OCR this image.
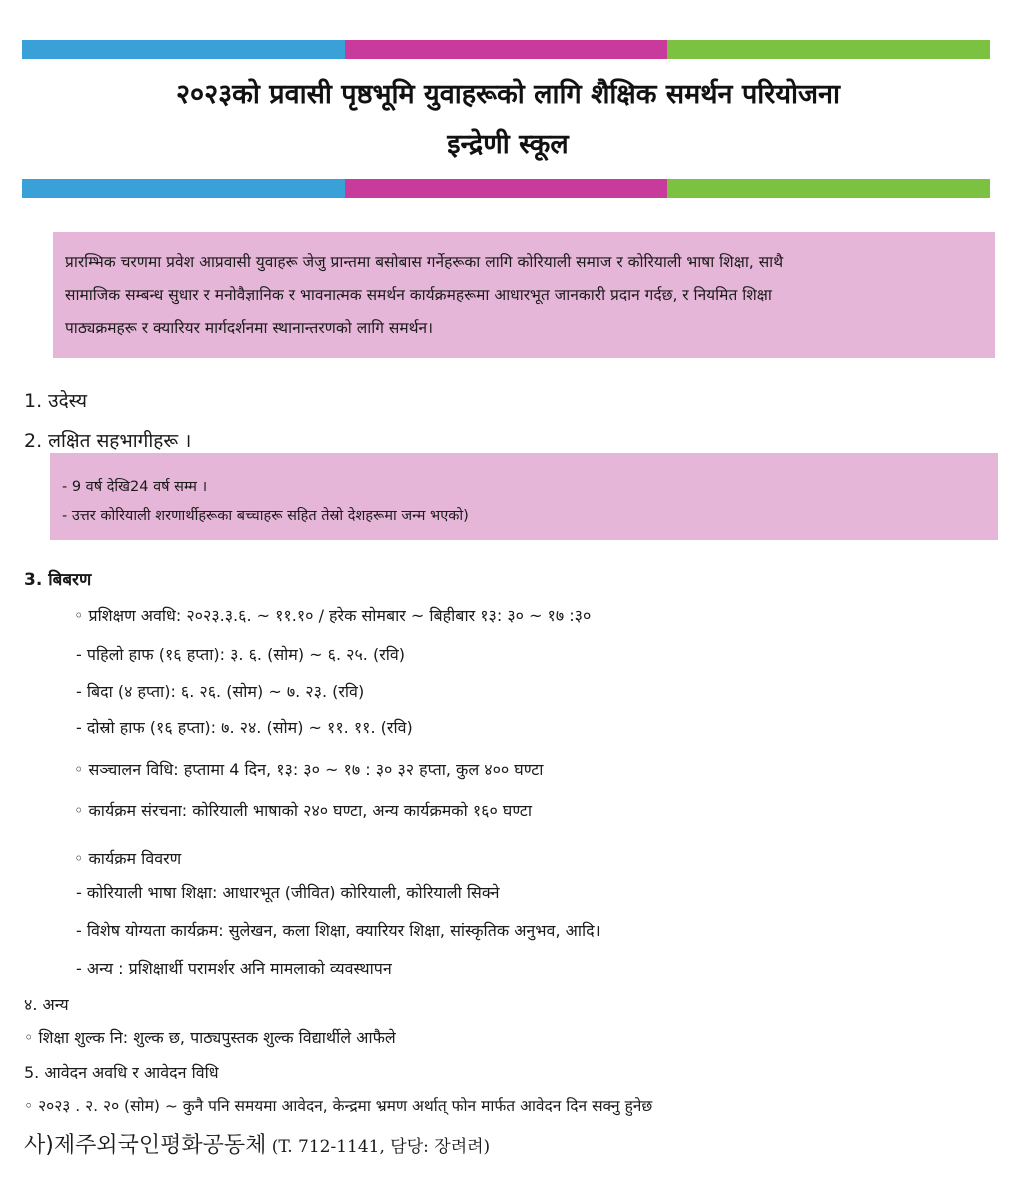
२०२३को प्रवासी पृष्ठभूमि युवाहरूको लागि शैक्षिक समर्थन परियोजना
इन्द्रेणी स्कूल
प्रारम्भिक चरणमा प्रवेश आप्रवासी युवाहरू जेजु प्रान्तमा बसोबास गर्नेहरूका लागि कोरियाली समाज र कोरियाली भाषा शिक्षा, साथै
सामाजिक सम्बन्ध सुधार र मनोवैज्ञानिक र भावनात्मक समर्थन कार्यक्रमहरूमा आधारभूत जानकारी प्रदान गर्दछ, र नियमित शिक्षा
पाठ्यक्रमहरू र क्यारियर मार्गदर्शनमा स्थानान्तरणको लागि समर्थन।
1. उदेस्य
2. लक्षित सहभागीहरू ।
- 9 वर्ष देखि24 वर्ष सम्म ।
- उत्तर कोरियाली शरणार्थीहरूका बच्चाहरू सहित तेस्रो देशहरूमा जन्म भएको)
3. बिबरण
◦ प्रशिक्षण अवधि: २०२३.३.६. ~ ११.१० / हरेक सोमबार ~ बिहीबार १३: ३० ~ १७ :३०
- पहिलो हाफ (१६ हप्ता): ३. ६. (सोम) ~ ६. २५. (रवि)
- बिदा (४ हप्ता): ६. २६. (सोम) ~ ७. २३. (रवि)
- दोस्रो हाफ (१६ हप्ता): ७. २४. (सोम) ~ ११. ११. (रवि)
◦ सञ्चालन विधि: हप्तामा 4 दिन, १३: ३० ~ १७ : ३० ३२ हप्ता, कुल ४०० घण्टा
◦ कार्यक्रम संरचना: कोरियाली भाषाको २४० घण्टा, अन्य कार्यक्रमको १६० घण्टा
◦ कार्यक्रम विवरण
- कोरियाली भाषा शिक्षा: आधारभूत (जीवित) कोरियाली, कोरियाली सिक्ने
- विशेष योग्यता कार्यक्रम: सुलेखन, कला शिक्षा, क्यारियर शिक्षा, सांस्कृतिक अनुभव, आदि।
- अन्य : प्रशिक्षार्थी परामर्शर अनि मामलाको व्यवस्थापन
४. अन्य
◦ शिक्षा शुल्क नि: शुल्क छ, पाठ्यपुस्तक शुल्क विद्यार्थीले आफैले
5. आवेदन अवधि र आवेदन विधि
◦ २०२३ . २. २० (सोम) ~ कुनै पनि समयमा आवेदन, केन्द्रमा भ्रमण अर्थात् फोन मार्फत आवेदन दिन सक्नु हुनेछ
사)제주외국인평화공동체 (T. 712-1141, 담당: 장려려)
